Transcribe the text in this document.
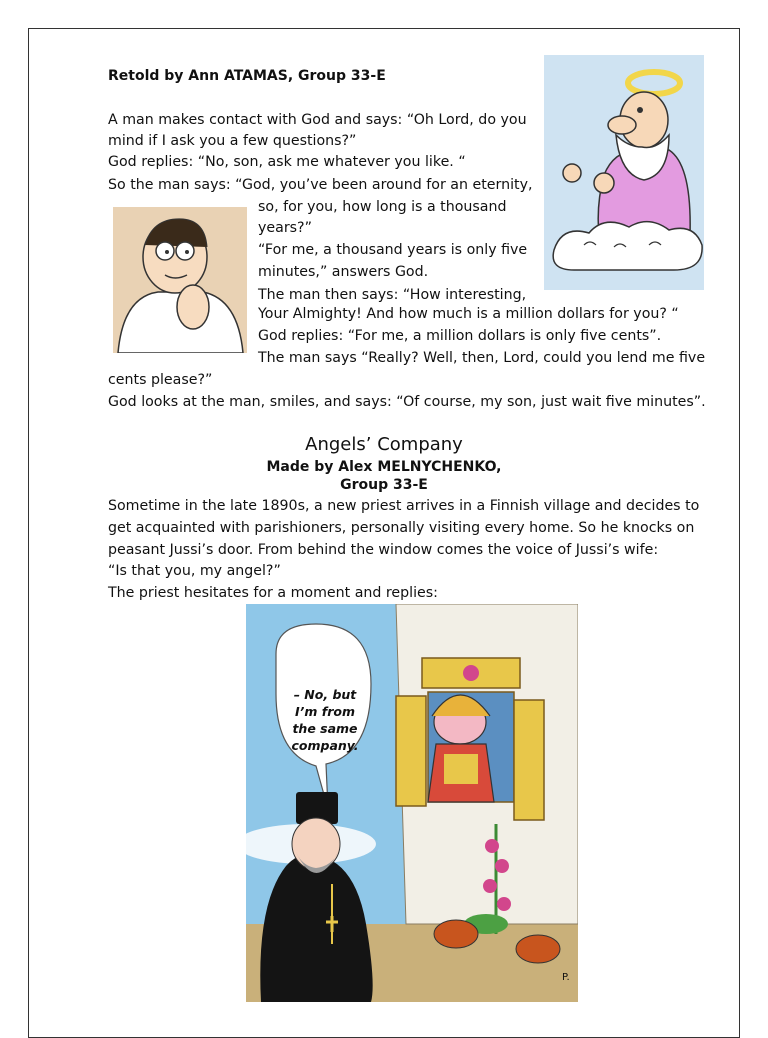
Retold by Ann ATAMAS, Group 33-E
A man makes contact with God and says: “Oh Lord, do you
mind if I ask you a few questions?”
God replies: “No, son, ask me whatever you like. “
So the man says: “God, you’ve been around for an eternity,
so, for you, how long is a thousand
years?”
“For me, a thousand years is only five
minutes,” answers God.
The man then says: “How interesting,
Your Almighty! And how much is a million dollars for you? “
God replies: “For me, a million dollars is only five cents”.
The man says “Really? Well, then, Lord, could you lend me five
cents please?”
God looks at the man, smiles, and says: “Of course, my son, just wait five minutes”.
Angels’ Company
Made by Alex MELNYCHENKO,
Group 33-E
Sometime in the late 1890s, a new priest arrives in a Finnish village and decides to
get acquainted with parishioners, personally visiting every home. So he knocks on
peasant Jussi’s door. From behind the window comes the voice of Jussi’s wife:
“Is that you, my angel?”
The priest hesitates for a moment and replies:
– No, but
I’m from
the same
company.
P.
